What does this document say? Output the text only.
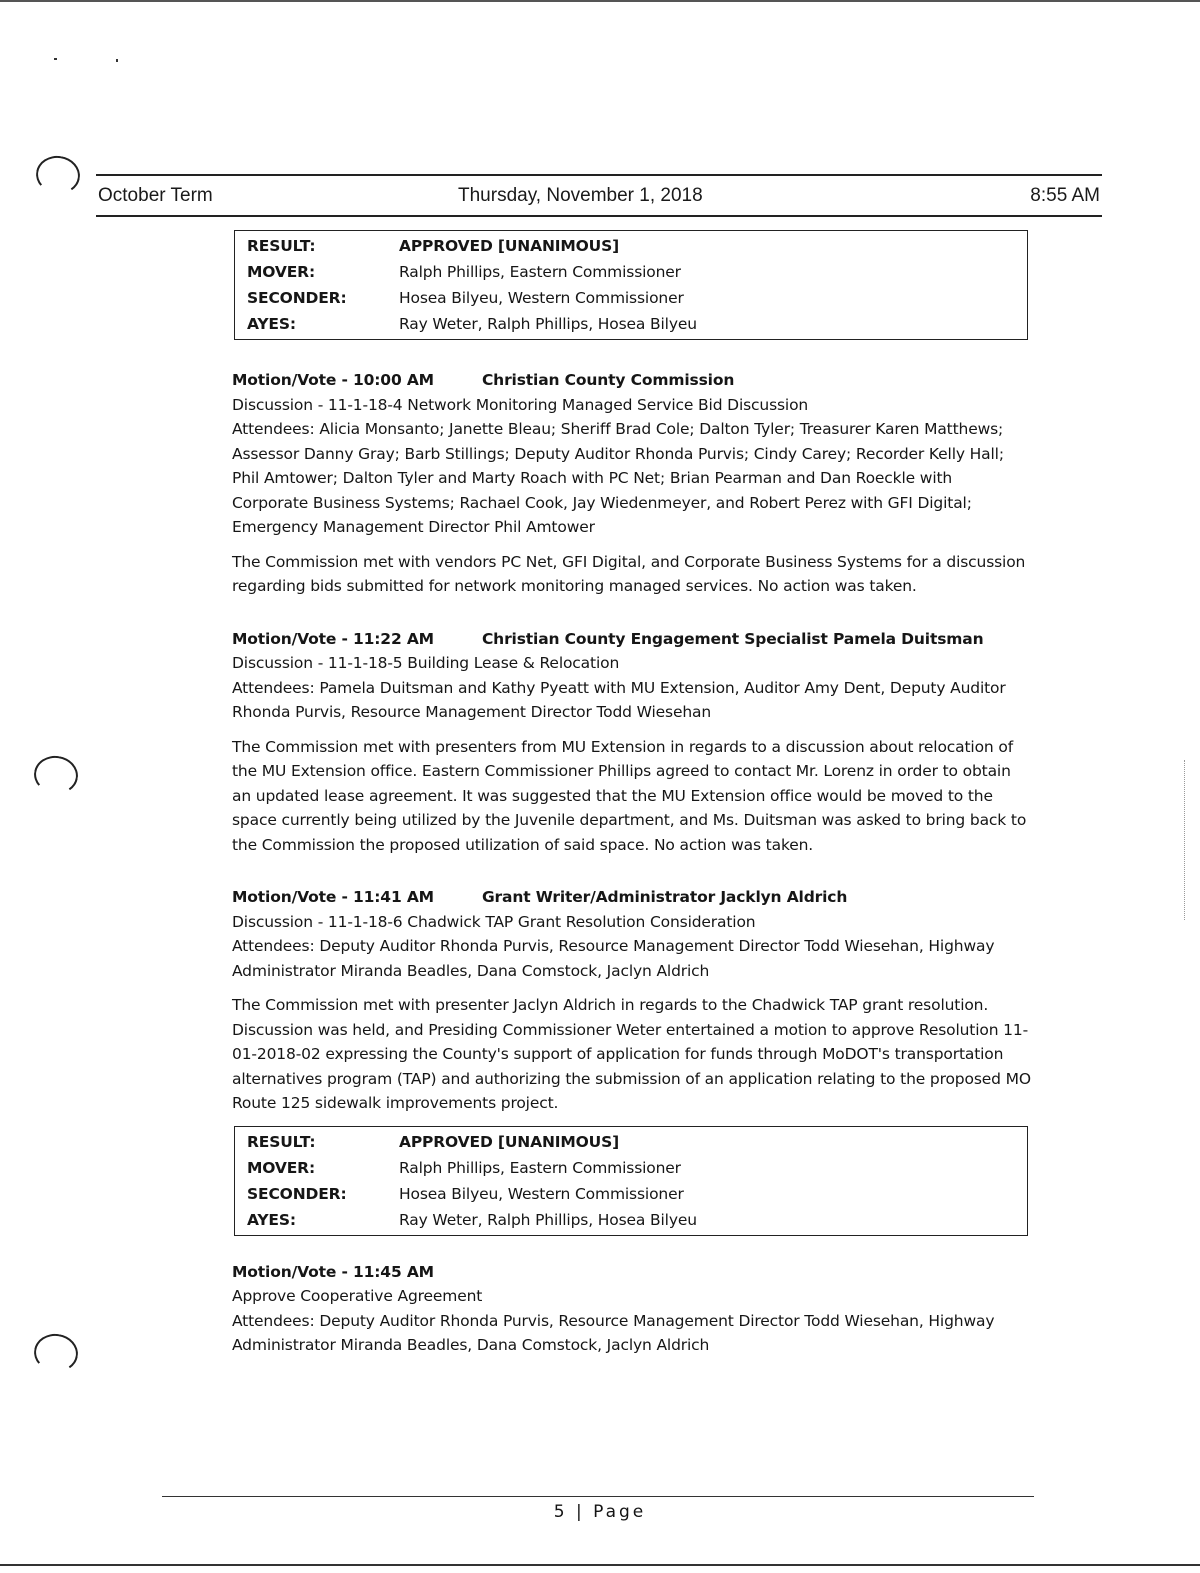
October Term	Thursday, November 1, 2018	8:55 AM
RESULT:	APPROVED [UNANIMOUS]
MOVER:	Ralph Phillips, Eastern Commissioner
SECONDER:	Hosea Bilyeu, Western Commissioner
AYES:	Ray Weter, Ralph Phillips, Hosea Bilyeu
Motion/Vote - 10:00 AM	Christian County Commission
Discussion - 11-1-18-4 Network Monitoring Managed Service Bid Discussion
Attendees: Alicia Monsanto; Janette Bleau; Sheriff Brad Cole; Dalton Tyler; Treasurer Karen Matthews; Assessor Danny Gray; Barb Stillings; Deputy Auditor Rhonda Purvis; Cindy Carey; Recorder Kelly Hall; Phil Amtower; Dalton Tyler and Marty Roach with PC Net; Brian Pearman and Dan Roeckle with Corporate Business Systems; Rachael Cook, Jay Wiedenmeyer, and Robert Perez with GFI Digital; Emergency Management Director Phil Amtower
The Commission met with vendors PC Net, GFI Digital, and Corporate Business Systems for a discussion regarding bids submitted for network monitoring managed services. No action was taken.
Motion/Vote - 11:22 AM	Christian County Engagement Specialist Pamela Duitsman
Discussion - 11-1-18-5 Building Lease & Relocation
Attendees: Pamela Duitsman and Kathy Pyeatt with MU Extension, Auditor Amy Dent, Deputy Auditor Rhonda Purvis, Resource Management Director Todd Wiesehan
The Commission met with presenters from MU Extension in regards to a discussion about relocation of the MU Extension office. Eastern Commissioner Phillips agreed to contact Mr. Lorenz in order to obtain an updated lease agreement. It was suggested that the MU Extension office would be moved to the space currently being utilized by the Juvenile department, and Ms. Duitsman was asked to bring back to the Commission the proposed utilization of said space. No action was taken.
Motion/Vote - 11:41 AM	Grant Writer/Administrator Jacklyn Aldrich
Discussion - 11-1-18-6 Chadwick TAP Grant Resolution Consideration
Attendees: Deputy Auditor Rhonda Purvis, Resource Management Director Todd Wiesehan, Highway Administrator Miranda Beadles, Dana Comstock, Jaclyn Aldrich
The Commission met with presenter Jaclyn Aldrich in regards to the Chadwick TAP grant resolution. Discussion was held, and Presiding Commissioner Weter entertained a motion to approve Resolution 11-01-2018-02 expressing the County's support of application for funds through MoDOT's transportation alternatives program (TAP) and authorizing the submission of an application relating to the proposed MO Route 125 sidewalk improvements project.
RESULT:	APPROVED [UNANIMOUS]
MOVER:	Ralph Phillips, Eastern Commissioner
SECONDER:	Hosea Bilyeu, Western Commissioner
AYES:	Ray Weter, Ralph Phillips, Hosea Bilyeu
Motion/Vote - 11:45 AM
Approve Cooperative Agreement
Attendees: Deputy Auditor Rhonda Purvis, Resource Management Director Todd Wiesehan, Highway Administrator Miranda Beadles, Dana Comstock, Jaclyn Aldrich
5 | Page
